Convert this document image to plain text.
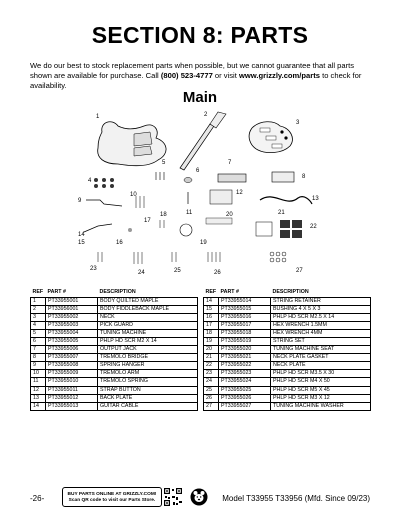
SECTION 8: PARTS
We do our best to stock replacement parts when possible, but we cannot guarantee that all parts shown are available for purchase. Call (800) 523-4777 or visit www.grizzly.com/parts to check for availability.
Main
1	2
3
4
5
6
7
8
9
10
11
12
13
14
15	16
17
18
19
20	21
22
23
24	25	26	27
REF	PART #	DESCRIPTION		REF	PART #	DESCRIPTION
1	PT33955001	BODY QUILTED MAPLE		14	PT33955014	STRING RETAINER
2	PT33956001	BODY FIDDLEBACK MAPLE		15	PT33955015	BUSHING 4 X 5 X 3
3	PT33955002	NECK		16	PT33955016	PHLP HD SCR M2.5 X 14
4	PT33955003	PICK GUARD		17	PT33955017	HEX WRENCH 1.5MM
5	PT33955004	TUNING MACHINE		18	PT33955018	HEX WRENCH 4MM
6	PT33955005	PHLP HD SCR M2 X 14		19	PT33955019	STRING SET
7	PT33955006	OUTPUT JACK		20	PT33955020	TUNING MACHINE SEAT
8	PT33955007	TREMOLO BRIDGE		21	PT33955021	NECK PLATE GASKET
9	PT33955008	SPRING HANGER		22	PT33955022	NECK PLATE
10	PT33955009	TREMOLO ARM		23	PT33955023	PHLP HD SCR M3.5 X 30
11	PT33955010	TREMOLO SPRING		24	PT33955024	PHLP HD SCR M4 X 50
12	PT33955011	STRAP BUTTON		25	PT33955025	PHLP HD SCR M5 X 45
13	PT33955012	BACK PLATE		26	PT33955026	PHLP HD SCR M3 X 12
14	PT33955013	GUITAR CABLE		27	PT33955027	TUNING MACHINE WASHER
-26-	BUY PARTS ONLINE AT GRIZZLY.COM!
Scan QR code to visit our Parts Store.	Model T33955 T33956 (Mfd. Since 09/23)
